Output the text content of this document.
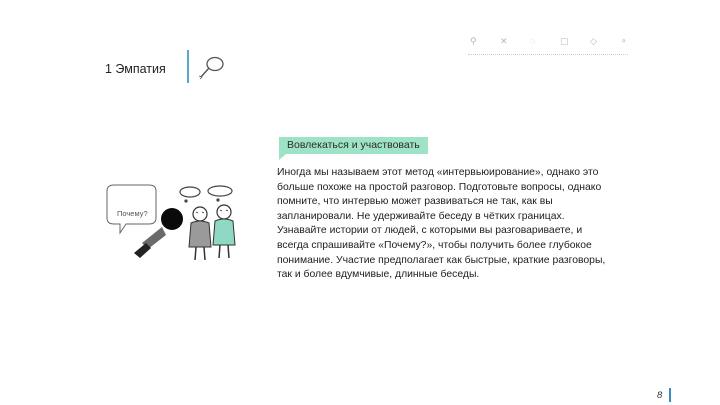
1 Эмпатия
⚲	✕ ◌	▢ ◇	⚬
Вовлекаться и участвовать
Иногда мы называем этот метод «интервьюирование», однако это больше похоже на простой разговор. Подготовьте вопросы, однако помните, что интервью может развиваться не так, как вы запланировали. Не удерживайте беседу в чётких границах. Узнавайте истории от людей, с которыми вы разговариваете, и всегда спрашивайте «Почему?», чтобы получить более глубокое понимание. Участие предполагает как быстрые, краткие разговоры, так и более вдумчивые, длинные беседы.
Почему?
8
